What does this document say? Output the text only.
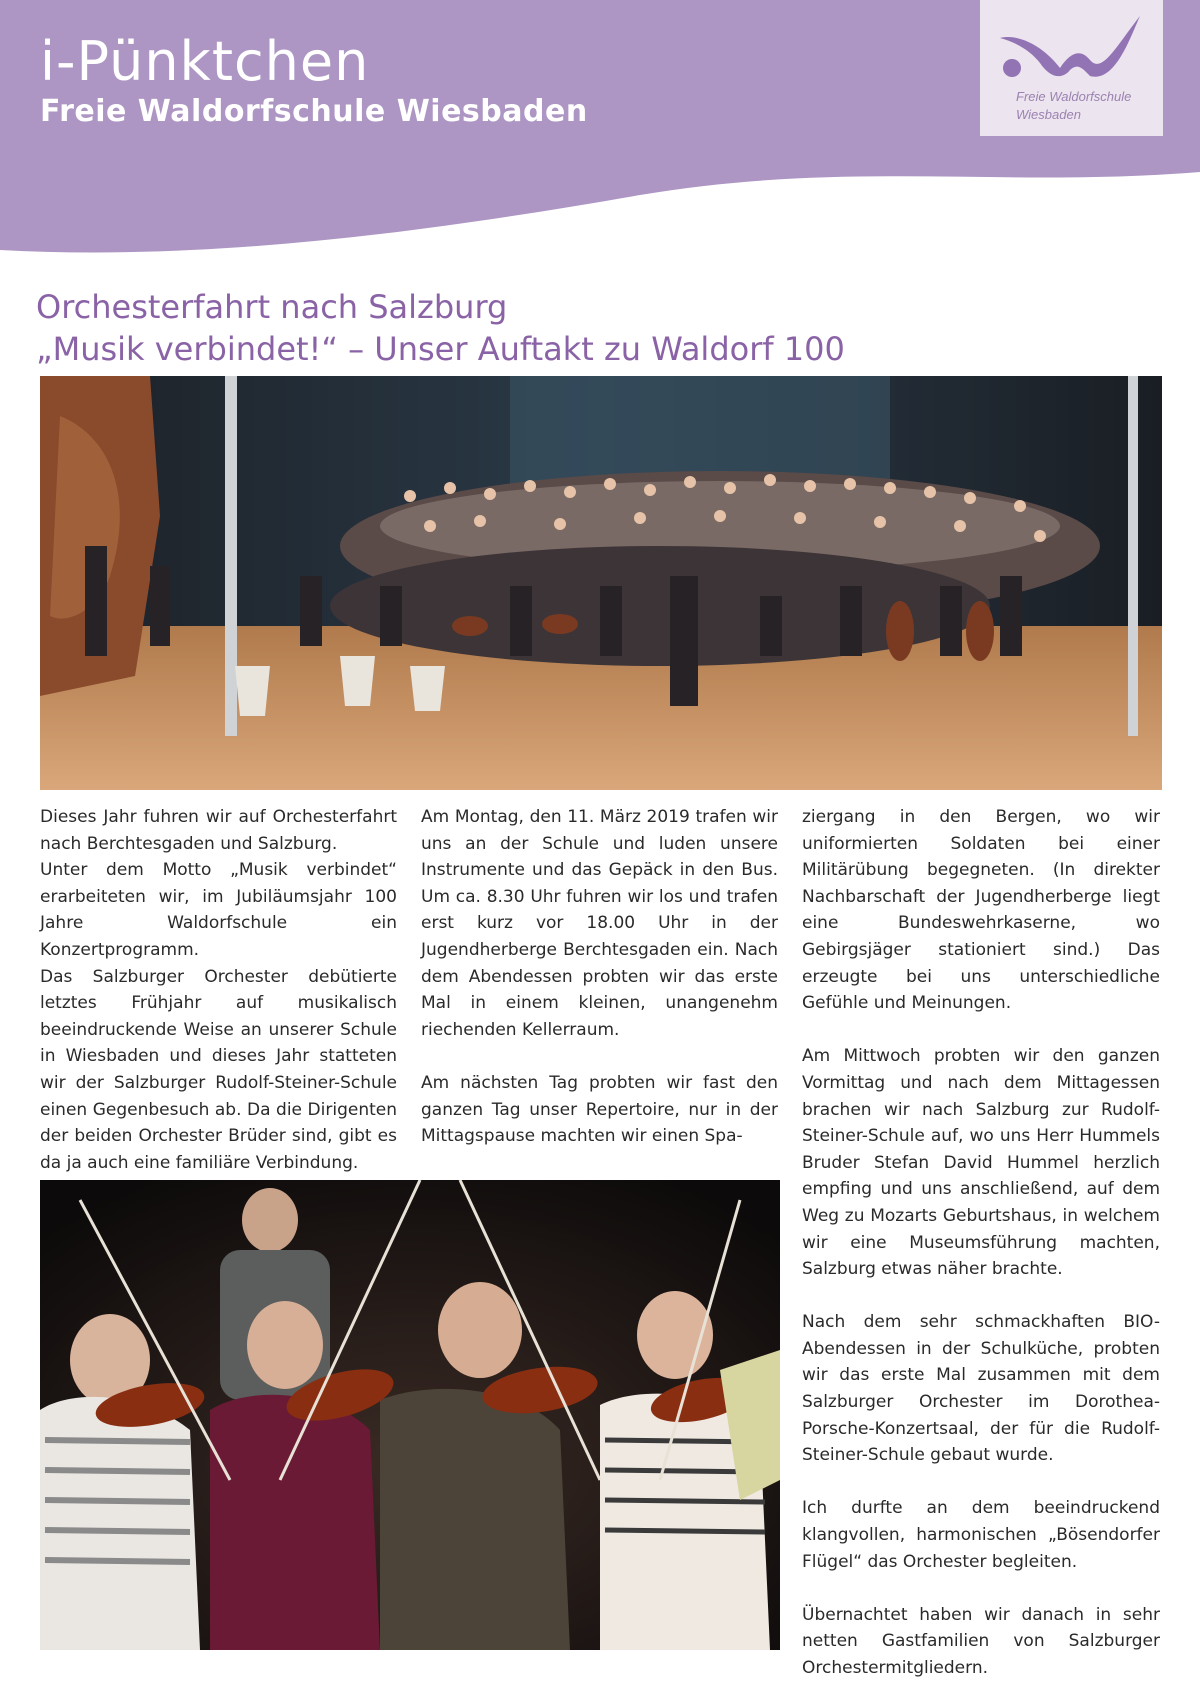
i-Pünktchen
Freie Waldorfschule Wiesbaden	Freie Waldorfschule
Wiesbaden
Orchesterfahrt nach Salzburg
„Musik verbindet!“ – Unser Auftakt zu Waldorf 100

Dieses Jahr fuhren wir auf Orchesterfahrt nach Berchtesgaden und Salzburg.

Unter dem Motto „Musik verbindet“ erarbeiteten wir, im Jubiläumsjahr 100 Jahre Waldorfschule ein Konzertprogramm.

Das Salzburger Orchester debütierte letztes Frühjahr auf musikalisch beeindruckende Weise an unserer Schule in Wiesbaden und dieses Jahr statteten wir der Salzburger Rudolf-Steiner-Schule einen Gegenbesuch ab. Da die Dirigenten der beiden Orchester Brüder sind, gibt es da ja auch eine familiäre Verbindung.

Am Montag, den 11. März 2019 trafen wir uns an der Schule und luden unsere Instrumente und das Gepäck in den Bus. Um ca. 8.30 Uhr fuhren wir los und trafen erst kurz vor 18.00 Uhr in der Jugendherberge Berchtesgaden ein. Nach dem Abendessen probten wir das erste Mal in einem kleinen, unangenehm riechenden Kellerraum.

Am nächsten Tag probten wir fast den ganzen Tag unser Repertoire, nur in der Mittagspause machten wir einen Spa-

ziergang in den Bergen, wo wir uniformierten Soldaten bei einer Militärübung begegneten. (In direkter Nachbarschaft der Jugendherberge liegt eine Bundeswehrkaserne, wo Gebirgsjäger stationiert sind.) Das erzeugte bei uns unterschiedliche Gefühle und Meinungen.

Am Mittwoch probten wir den ganzen Vormittag und nach dem Mittagessen brachen wir nach Salzburg zur Rudolf-Steiner-Schule auf, wo uns Herr Hummels Bruder Stefan David Hummel herzlich empfing und uns anschließend, auf dem Weg zu Mozarts Geburtshaus, in welchem wir eine Museumsführung machten, Salzburg etwas näher brachte.

Nach dem sehr schmackhaften BIO-Abendessen in der Schulküche, probten wir das erste Mal zusammen mit dem Salzburger Orchester im Dorothea-Porsche-Konzertsaal, der für die Rudolf-Steiner-Schule gebaut wurde.

Ich durfte an dem beeindruckend klangvollen, harmonischen „Bösendorfer Flügel“ das Orchester begleiten.

Übernachtet haben wir danach in sehr netten Gastfamilien von Salzburger Orchestermitgliedern.
